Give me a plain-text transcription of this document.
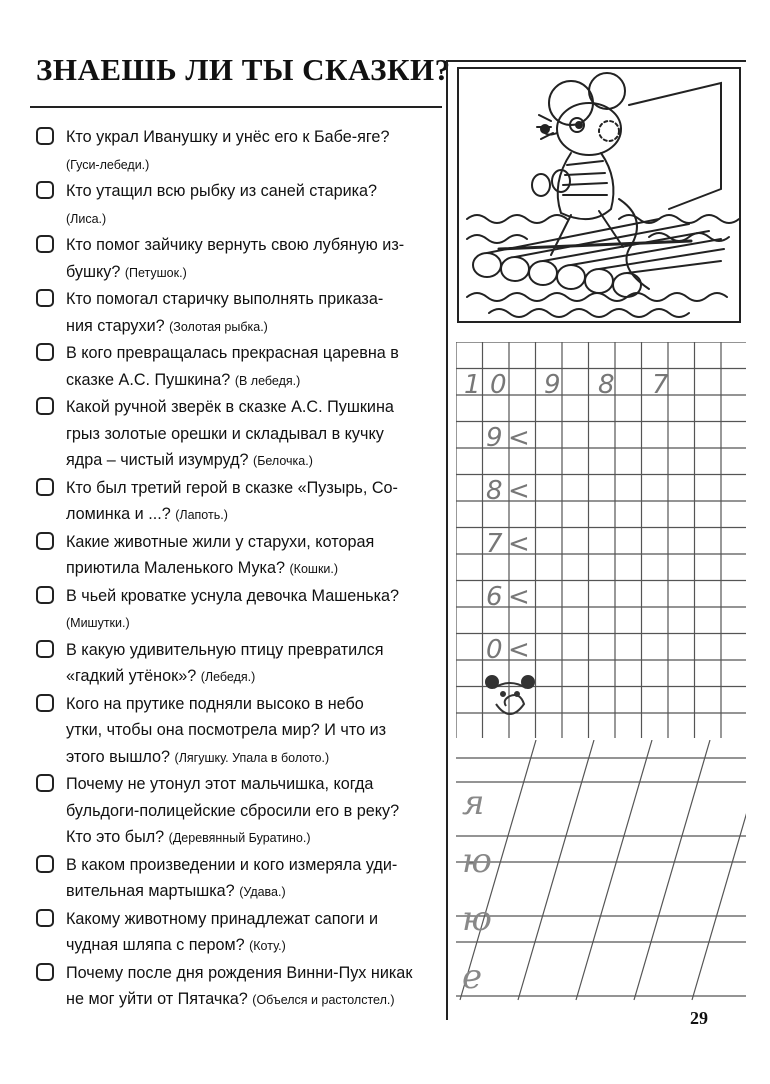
ЗНАЕШЬ ЛИ ТЫ СКАЗКИ?
Кто украл Иванушку и унёс его к Бабе-яге?
(Гуси-лебеди.)
Кто утащил всю рыбку из саней старика?
(Лиса.)
Кто помог зайчику вернуть свою лубяную из-
бушку? (Петушок.)
Кто помогал старичку выполнять приказа-
ния старухи? (Золотая рыбка.)
В кого превращалась прекрасная царевна в
сказке А.С. Пушкина? (В лебедя.)
Какой ручной зверёк в сказке А.С. Пушкина
грыз золотые орешки и складывал в кучку
ядра – чистый изумруд? (Белочка.)
Кто был третий герой в сказке «Пузырь, Со-
ломинка и ...? (Лапоть.)
Какие животные жили у старухи, которая
приютила Маленького Мука? (Кошки.)
В чьей кроватке уснула девочка Машенька?
(Мишутки.)
В какую удивительную птицу превратился
«гадкий утёнок»? (Лебедя.)
Кого на прутике подняли высоко в небо
утки, чтобы она посмотрела мир? И что из
этого вышло? (Лягушку. Упала в болото.)
Почему не утонул этот мальчишка, когда
бульдоги-полицейские сбросили его в реку?
Кто это был? (Деревянный Буратино.)
В каком произведении и кого измеряла уди-
вительная мартышка? (Удава.)
Какому животному принадлежат сапоги и
чудная шляпа с пером? (Коту.)
Почему после дня рождения Винни-Пух никак
не мог уйти от Пятачка? (Объелся и растолстел.)
1 0 9 8 7
9 <
8 <
7 <
6 <
0 <
я
ю
ю
е
29
